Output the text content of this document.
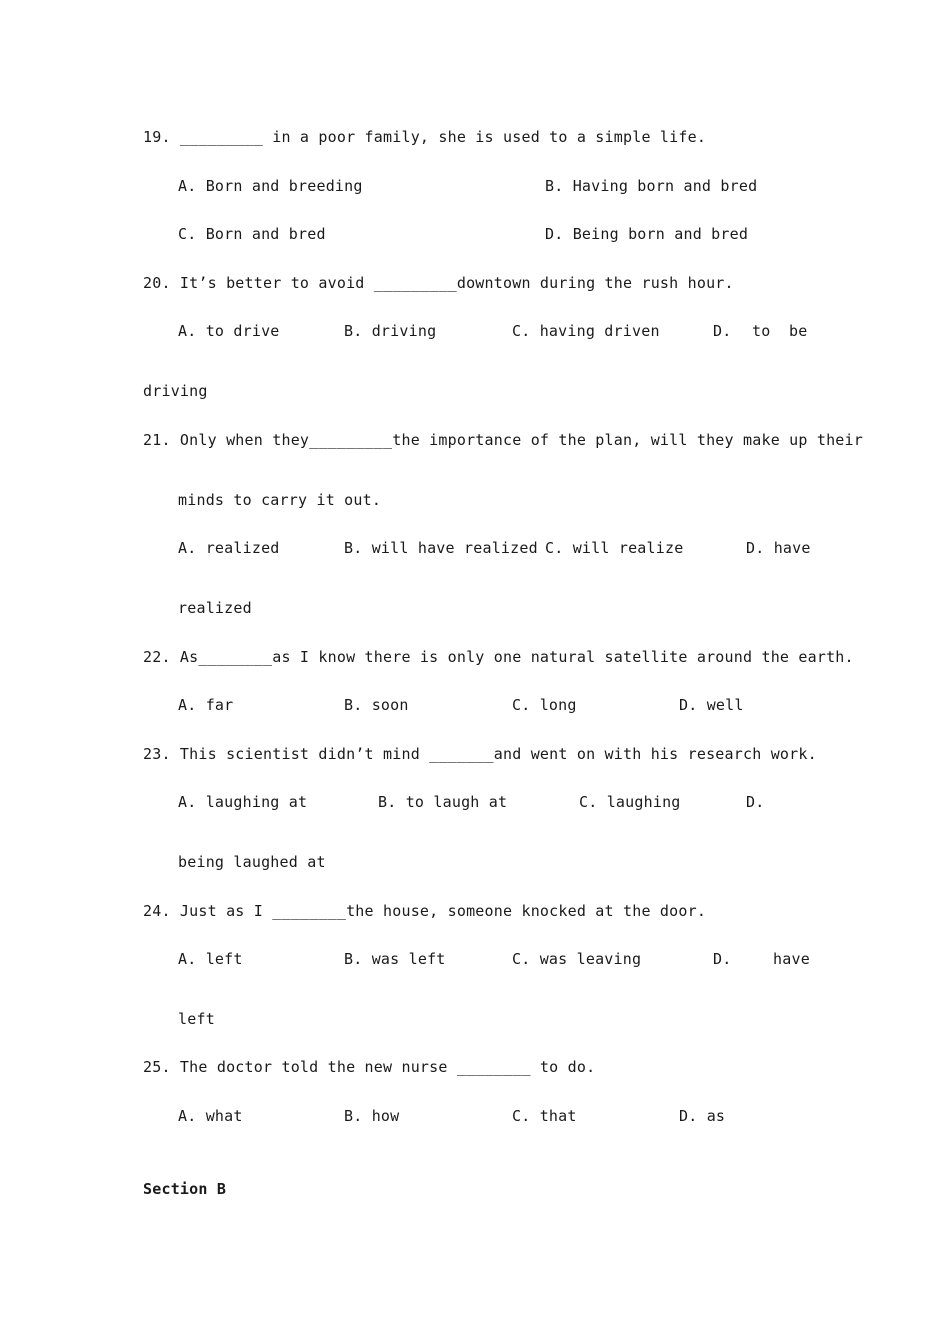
19. _________ in a poor family, she is used to a simple life.
A. Born and breeding	B. Having born and bred
C. Born and bred	D. Being born and bred
20. It’s better to avoid _________downtown during the rush hour.
A. to drive	B. driving	C. having driven	D. to be
driving
21. Only when they_________the importance of the plan, will they make up their
minds to carry it out.
A. realized	B. will have realized C. will realize	D. have
realized
22. As________as I know there is only one natural satellite around the earth.
A. far	B. soon	C. long	D. well
23. This scientist didn’t mind _______and went on with his research work.
A. laughing at	B. to laugh at	C. laughing	D.
being laughed at
24. Just as I ________the house, someone knocked at the door.
A. left	B. was left	C. was leaving	D.	have
left
25. The doctor told the new nurse ________ to do.
A. what	B. how	C. that	D. as
Section B
